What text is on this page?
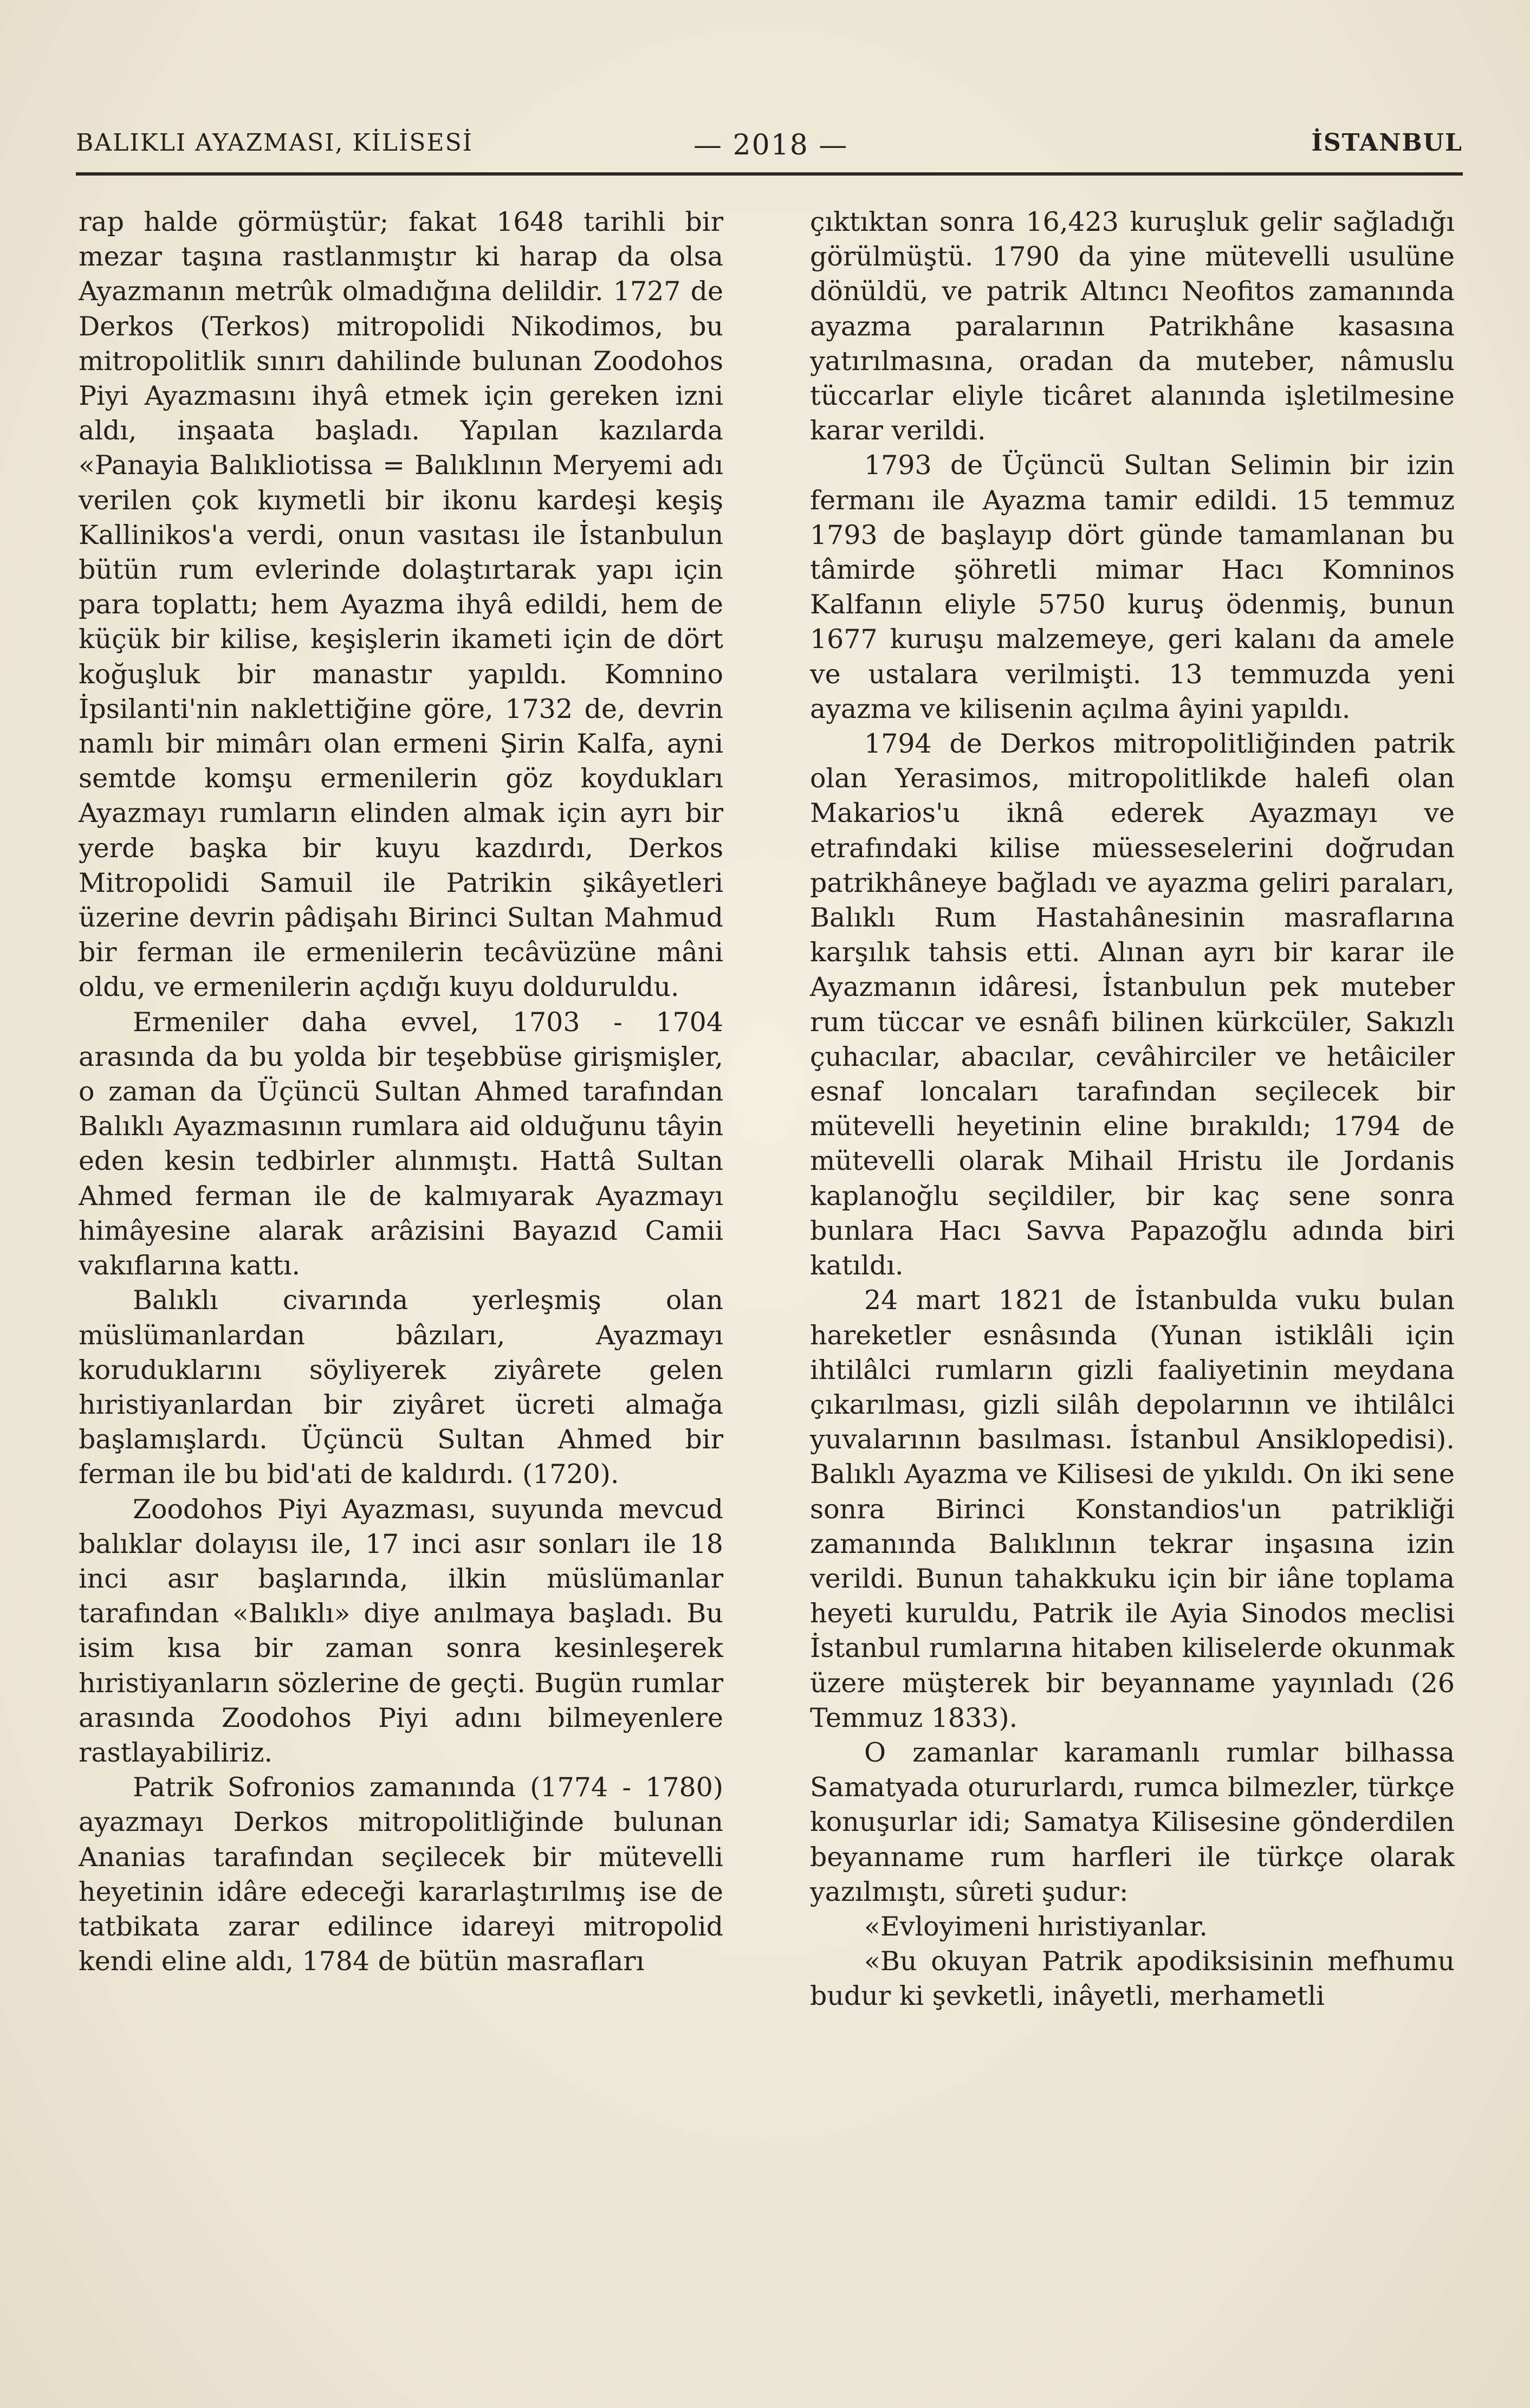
BALIKLI AYAZMASI, KİLİSESİ	— 2018 —	İSTANBUL

rap halde görmüştür; fakat 1648 tarihli bir mezar taşına rastlanmıştır ki harap da olsa Ayazmanın metrûk olmadığına delildir. 1727 de Derkos (Terkos) mitropolidi Nikodimos, bu mitropolitlik sınırı dahilinde bulunan Zoodohos Piyi Ayazmasını ihyâ etmek için gereken izni aldı, inşaata başladı. Yapılan kazılarda «Panayia Balıkliotissa = Balıklının Meryemi adı verilen çok kıymetli bir ikonu kardeşi keşiş Kallinikos'a verdi, onun vasıtası ile İstanbulun bütün rum evlerinde dolaştırtarak yapı için para toplattı; hem Ayazma ihyâ edildi, hem de küçük bir kilise, keşişlerin ikameti için de dört koğuşluk bir manastır yapıldı. Komnino İpsilanti'nin naklettiğine göre, 1732 de, devrin namlı bir mimârı olan ermeni Şirin Kalfa, ayni semtde komşu ermenilerin göz koydukları Ayazmayı rumların elinden almak için ayrı bir yerde başka bir kuyu kazdırdı, Derkos Mitropolidi Samuil ile Patrikin şikâyetleri üzerine devrin pâdişahı Birinci Sultan Mahmud bir ferman ile ermenilerin tecâvüzüne mâni oldu, ve ermenilerin açdığı kuyu dolduruldu.

Ermeniler daha evvel, 1703 - 1704 arasında da bu yolda bir teşebbüse girişmişler, o zaman da Üçüncü Sultan Ahmed tarafından Balıklı Ayazmasının rumlara aid olduğunu tâyin eden kesin tedbirler alınmıştı. Hattâ Sultan Ahmed ferman ile de kalmıyarak Ayazmayı himâyesine alarak arâzisini Bayazıd Camii vakıflarına kattı.

Balıklı civarında yerleşmiş olan müslümanlardan bâzıları, Ayazmayı koruduklarını söyliyerek ziyârete gelen hıristiyanlardan bir ziyâret ücreti almağa başlamışlardı. Üçüncü Sultan Ahmed bir ferman ile bu bid'ati de kaldırdı. (1720).

Zoodohos Piyi Ayazması, suyunda mevcud balıklar dolayısı ile, 17 inci asır sonları ile 18 inci asır başlarında, ilkin müslümanlar tarafından «Balıklı» diye anılmaya başladı. Bu isim kısa bir zaman sonra kesinleşerek hıristiyanların sözlerine de geçti. Bugün rumlar arasında Zoodohos Piyi adını bilmeyenlere rastlayabiliriz.

Patrik Sofronios zamanında (1774 - 1780) ayazmayı Derkos mitropolitliğinde bulunan Ananias tarafından seçilecek bir mütevelli heyetinin idâre edeceği kararlaştırılmış ise de tatbikata zarar edilince idareyi mitropolid kendi eline aldı, 1784 de bütün masrafları

çıktıktan sonra 16,423 kuruşluk gelir sağladığı görülmüştü. 1790 da yine mütevelli usulüne dönüldü, ve patrik Altıncı Neofitos zamanında ayazma paralarının Patrikhâne kasasına yatırılmasına, oradan da muteber, nâmuslu tüccarlar eliyle ticâret alanında işletilmesine karar verildi.

1793 de Üçüncü Sultan Selimin bir izin fermanı ile Ayazma tamir edildi. 15 temmuz 1793 de başlayıp dört günde tamamlanan bu tâmirde şöhretli mimar Hacı Komninos Kalfanın eliyle 5750 kuruş ödenmiş, bunun 1677 kuruşu malzemeye, geri kalanı da amele ve ustalara verilmişti. 13 temmuzda yeni ayazma ve kilisenin açılma âyini yapıldı.

1794 de Derkos mitropolitliğinden patrik olan Yerasimos, mitropolitlikde halefi olan Makarios'u iknâ ederek Ayazmayı ve etrafındaki kilise müesseselerini doğrudan patrikhâneye bağladı ve ayazma geliri paraları, Balıklı Rum Hastahânesinin masraflarına karşılık tahsis etti. Alınan ayrı bir karar ile Ayazmanın idâresi, İstanbulun pek muteber rum tüccar ve esnâfı bilinen kürkcüler, Sakızlı çuhacılar, abacılar, cevâhirciler ve hetâiciler esnaf loncaları tarafından seçilecek bir mütevelli heyetinin eline bırakıldı; 1794 de mütevelli olarak Mihail Hristu ile Jordanis kaplanoğlu seçildiler, bir kaç sene sonra bunlara Hacı Savva Papazoğlu adında biri katıldı.

24 mart 1821 de İstanbulda vuku bulan hareketler esnâsında (Yunan istiklâli için ihtilâlci rumların gizli faaliyetinin meydana çıkarılması, gizli silâh depolarının ve ihtilâlci yuvalarının basılması. İstanbul Ansiklopedisi). Balıklı Ayazma ve Kilisesi de yıkıldı. On iki sene sonra Birinci Konstandios'un patrikliği zamanında Balıklının tekrar inşasına izin verildi. Bunun tahakkuku için bir iâne toplama heyeti kuruldu, Patrik ile Ayia Sinodos meclisi İstanbul rumlarına hitaben kiliselerde okunmak üzere müşterek bir beyanname yayınladı (26 Temmuz 1833).

O zamanlar karamanlı rumlar bilhassa Samatyada otururlardı, rumca bilmezler, türkçe konuşurlar idi; Samatya Kilisesine gönderdilen beyanname rum harfleri ile türkçe olarak yazılmıştı, sûreti şudur:

«Evloyimeni hıristiyanlar.

«Bu okuyan Patrik apodiksisinin mefhumu budur ki şevketli, inâyetli, merhametli
